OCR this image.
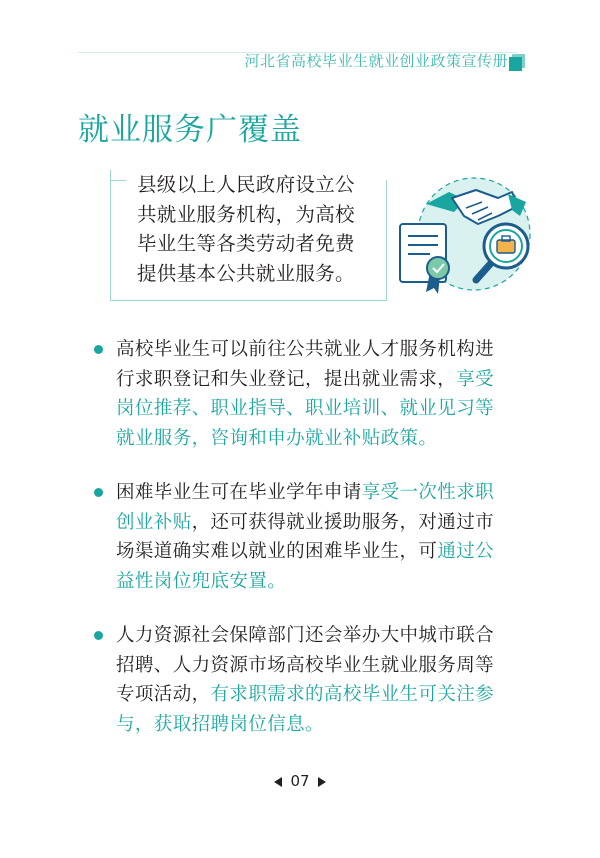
河北省高校毕业生就业创业政策宣传册
就业服务广覆盖
县级以上人民政府设立公共就业服务机构，为高校毕业生等各类劳动者免费提供基本公共就业服务。
高校毕业生可以前往公共就业人才服务机构进行求职登记和失业登记，提出就业需求，享受岗位推荐、职业指导、职业培训、就业见习等就业服务，咨询和申办就业补贴政策。
困难毕业生可在毕业学年申请享受一次性求职创业补贴，还可获得就业援助服务，对通过市场渠道确实难以就业的困难毕业生，可通过公益性岗位兜底安置。
人力资源社会保障部门还会举办大中城市联合招聘、人力资源市场高校毕业生就业服务周等专项活动，有求职需求的高校毕业生可关注参与，获取招聘岗位信息。
07
